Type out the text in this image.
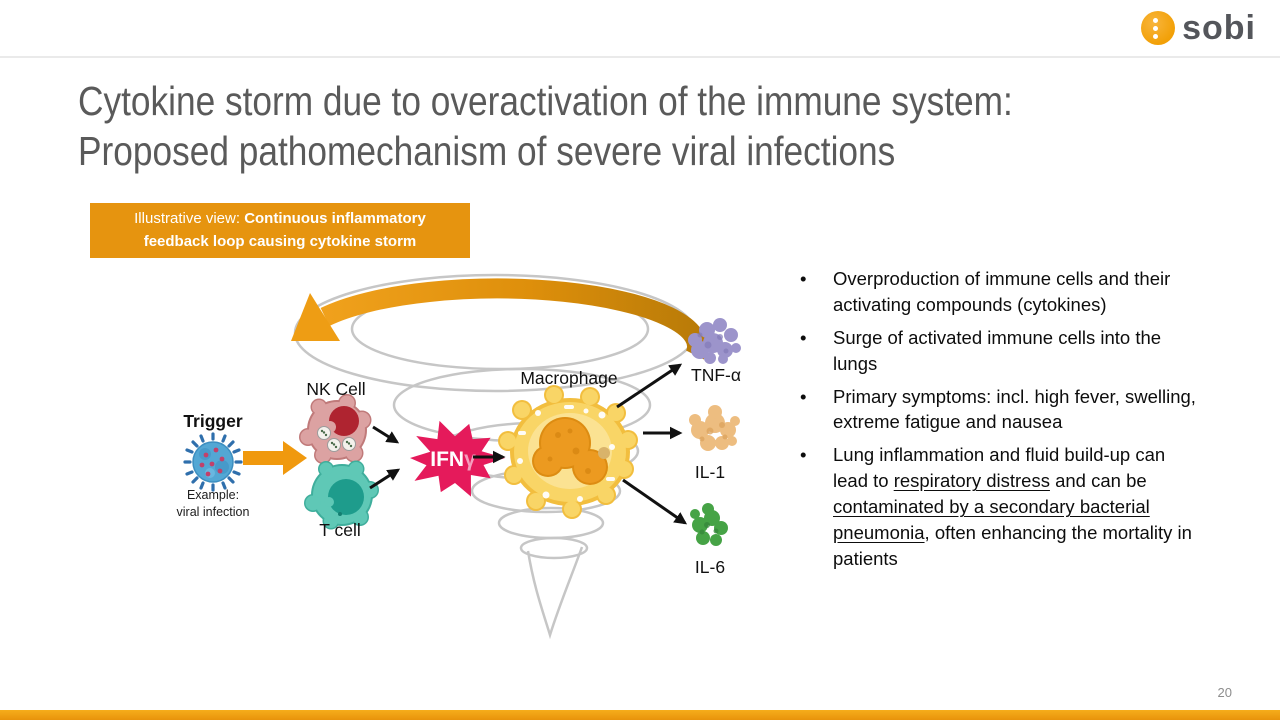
sobi
Cytokine storm due to overactivation of the immune system:
Proposed pathomechanism of severe viral infections
Illustrative view: Continuous inflammatory feedback loop causing cytokine storm
Trigger
Example:
viral infection
NK Cell
T cell
IFNγ
Macrophage	TNF-α
IL-1
IL-6
•	Overproduction of immune cells and their activating compounds (cytokines)
•	Surge of activated immune cells into the lungs
•	Primary symptoms: incl. high fever, swelling, extreme fatigue and nausea
•	Lung inflammation and fluid build-up can lead to respiratory distress and can be contaminated by a secondary bacterial pneumonia, often enhancing the mortality in patients
20
